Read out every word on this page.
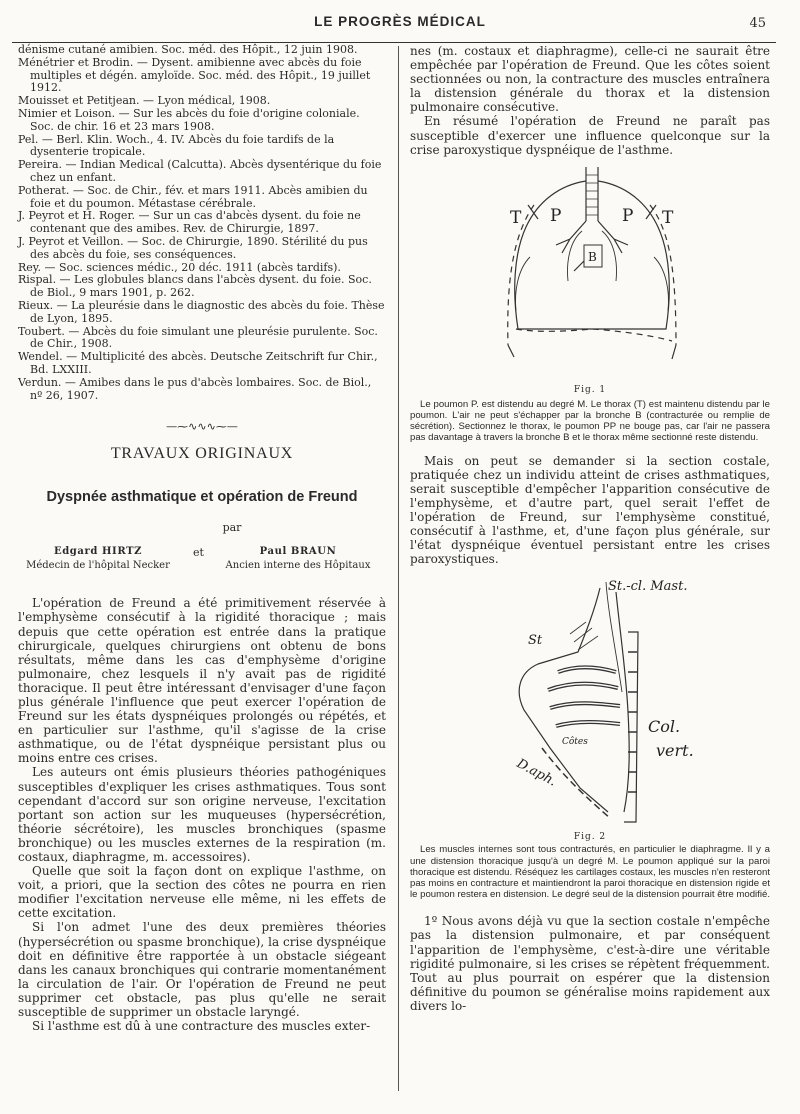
LE PROGRÈS MÉDICAL	45

dénisme cutané amibien. Soc. méd. des Hôpit., 12 juin 1908.

Ménétrier et Brodin. — Dysent. amibienne avec abcès du foie multiples et dégén. amyloïde. Soc. méd. des Hôpit., 19 juillet 1912.

Mouisset et Petitjean. — Lyon médical, 1908.

Nimier et Loison. — Sur les abcès du foie d'origine coloniale. Soc. de chir. 16 et 23 mars 1908.

Pel. — Berl. Klin. Woch., 4. IV. Abcès du foie tardifs de la dysenterie tropicale.

Pereira. — Indian Medical (Calcutta). Abcès dysentérique du foie chez un enfant.

Potherat. — Soc. de Chir., fév. et mars 1911. Abcès amibien du foie et du poumon. Métastase cérébrale.

J. Peyrot et H. Roger. — Sur un cas d'abcès dysent. du foie ne contenant que des amibes. Rev. de Chirurgie, 1897.

J. Peyrot et Veillon. — Soc. de Chirurgie, 1890. Stérilité du pus des abcès du foie, ses conséquences.

Rey. — Soc. sciences médic., 20 déc. 1911 (abcès tardifs).

Rispal. — Les globules blancs dans l'abcès dysent. du foie. Soc. de Biol., 9 mars 1901, p. 262.

Rieux. — La pleurésie dans le diagnostic des abcès du foie. Thèse de Lyon, 1895.

Toubert. — Abcès du foie simulant une pleurésie purulente. Soc. de Chir., 1908.

Wendel. — Multiplicité des abcès. Deutsche Zeitschrift fur Chir., Bd. LXXIII.

Verdun. — Amibes dans le pus d'abcès lombaires. Soc. de Biol., nº 26, 1907.

—⁓∿∿∿⁓—
TRAVAUX ORIGINAUX
Dyspnée asthmatique et opération de Freund
par
Edgard HIRTZ
Médecin de l'hôpital Necker
et	Paul BRAUN
Ancien interne des Hôpitaux

L'opération de Freund a été primitivement réservée à l'emphysème consécutif à la rigidité thoracique ; mais depuis que cette opération est entrée dans la pratique chirurgicale, quelques chirurgiens ont obtenu de bons résultats, même dans les cas d'emphysème d'origine pulmonaire, chez lesquels il n'y avait pas de rigidité thoracique. Il peut être intéressant d'envisager d'une façon plus générale l'influence que peut exercer l'opération de Freund sur les états dyspnéiques prolongés ou répétés, et en particulier sur l'asthme, qu'il s'agisse de la crise asthmatique, ou de l'état dyspnéique persistant plus ou moins entre ces crises.

Les auteurs ont émis plusieurs théories pathogéniques susceptibles d'expliquer les crises asthmatiques. Tous sont cependant d'accord sur son origine nerveuse, l'excitation portant son action sur les muqueuses (hypersécrétion, théorie sécrétoire), les muscles bronchiques (spasme bronchique) ou les muscles externes de la respiration (m. costaux, diaphragme, m. accessoires).

Quelle que soit la façon dont on explique l'asthme, on voit, a priori, que la section des côtes ne pourra en rien modifier l'excitation nerveuse elle même, ni les effets de cette excitation.

Si l'on admet l'une des deux premières théories (hypersécrétion ou spasme bronchique), la crise dyspnéique doit en définitive être rapportée à un obstacle siégeant dans les canaux bronchiques qui contrarie momentanément la circulation de l'air. Or l'opération de Freund ne peut supprimer cet obstacle, pas plus qu'elle ne serait susceptible de supprimer un obstacle laryngé.

Si l'asthme est dû à une contracture des muscles exter-

nes (m. costaux et diaphragme), celle-ci ne saurait être empêchée par l'opération de Freund. Que les côtes soient sectionnées ou non, la contracture des muscles entraînera la distension générale du thorax et la distension pulmonaire consécutive.

En résumé l'opération de Freund ne paraît pas susceptible d'exercer une influence quelconque sur la crise paroxystique dyspnéique de l'asthme.

T P	P T
B
Fig. 1

Le poumon P. est distendu au degré M. Le thorax (T) est maintenu distendu par le poumon. L'air ne peut s'échapper par la bronche B (contracturée ou remplie de sécrétion). Sectionnez le thorax, le poumon PP ne bouge pas, car l'air ne passera pas davantage à travers la bronche B et le thorax même sectionné reste distendu.

Mais on peut se demander si la section costale, pratiquée chez un individu atteint de crises asthmatiques, serait susceptible d'empêcher l'apparition consécutive de l'emphysème, et d'autre part, quel serait l'effet de l'opération de Freund, sur l'emphysème constitué, consécutif à l'asthme, et, d'une façon plus générale, sur l'état dyspnéique éventuel persistant entre les crises paroxystiques.

St.-cl. Mast.
St
Côtes
Col.
vert.
D.aph.
Fig. 2

Les muscles internes sont tous contracturés, en particulier le diaphragme. Il y a une distension thoracique jusqu'à un degré M. Le poumon appliqué sur la paroi thoracique est distendu. Réséquez les cartilages costaux, les muscles n'en resteront pas moins en contracture et maintiendront la paroi thoracique en distension rigide et le poumon restera en distension. Le degré seul de la distension pourrait être modifié.

1º Nous avons déjà vu que la section costale n'empêche pas la distension pulmonaire, et par conséquent l'apparition de l'emphysème, c'est-à-dire une véritable rigidité pulmonaire, si les crises se répètent fréquemment. Tout au plus pourrait on espérer que la distension définitive du poumon se généralise moins rapidement aux divers lo-
